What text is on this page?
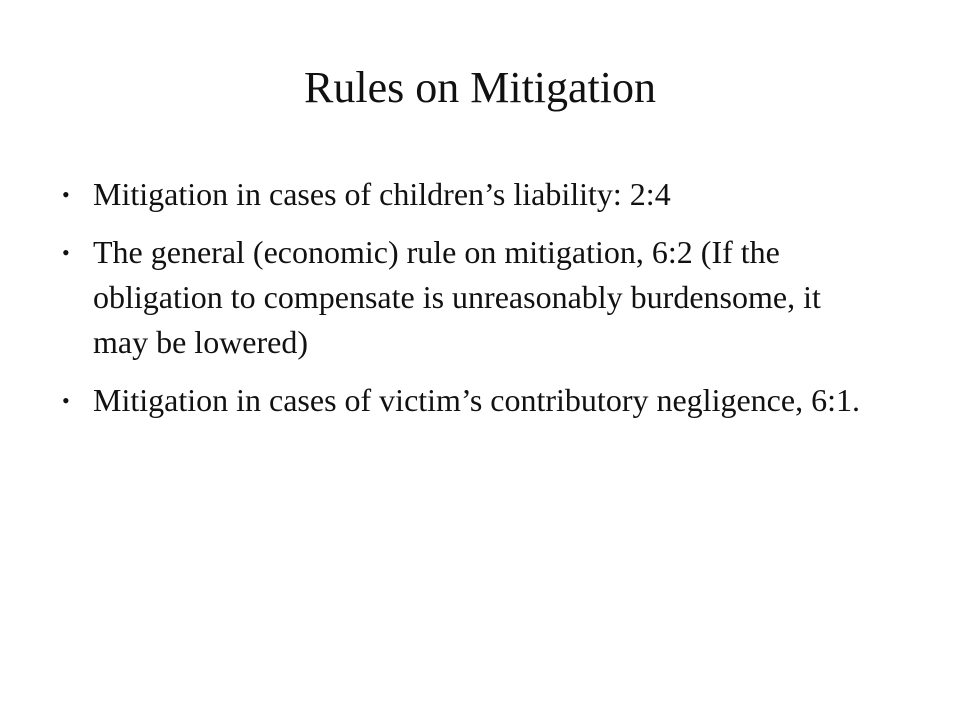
Rules on Mitigation
• Mitigation in cases of children’s liability: 2:4
• The general (economic) rule on mitigation, 6:2 (If the obligation to compensate is unreasonably burdensome, it may be lowered)
• Mitigation in cases of victim’s contributory negligence, 6:1.
